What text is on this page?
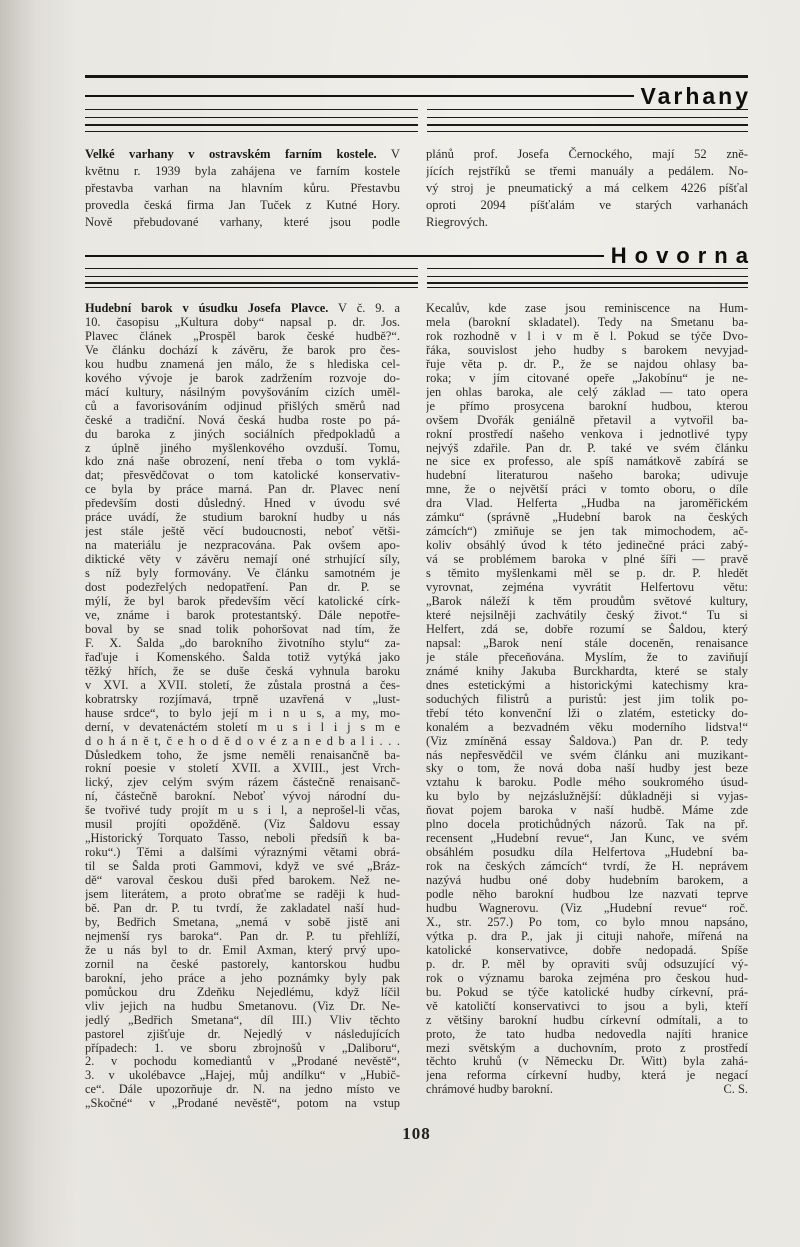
Varhany
Velké varhany v ostravském farním kostele. V
květnu r. 1939 byla zahájena ve farním kostele
přestavba varhan na hlavním kůru. Přestavbu
provedla česká firma Jan Tuček z Kutné Hory.
Nově přebudované varhany, které jsou podle
plánů prof. Josefa Černockého, mají 52 zně-
jících rejstříků se třemi manuály a pedálem. No-
vý stroj je pneumatický a má celkem 4226 píšťal
oproti 2094 píšťalám ve starých varhanách
Riegrových.
Hovorna
Hudební barok v úsudku Josefa Plavce. V č. 9. a
10. časopisu „Kultura doby“ napsal p. dr. Jos.
Plavec článek „Prospěl barok české hudbě?“.
Ve článku dochází k závěru, že barok pro čes-
kou hudbu znamená jen málo, že s hlediska cel-
kového vývoje je barok zadržením rozvoje do-
mácí kultury, násilným povyšováním cizích uměl-
ců a favorisováním odjinud přišlých směrů nad
české a tradiční. Nová česká hudba roste po pá-
du baroka z jiných sociálních předpokladů a
z úplně jiného myšlenkového ovzduší. Tomu,
kdo zná naše obrození, není třeba o tom vyklá-
dat; přesvědčovat o tom katolické konservativ-
ce byla by práce marná. Pan dr. Plavec není
především dosti důsledný. Hned v úvodu své
práce uvádí, že studium barokní hudby u nás
jest stále ještě věcí budoucnosti, neboť větši-
na materiálu je nezpracována. Pak ovšem apo-
diktické věty v závěru nemají oné strhující síly,
s níž byly formovány. Ve článku samotném je
dost podezřelých nedopatření. Pan dr. P. se
mýlí, že byl barok především věcí katolické círk-
ve, známe i barok protestantský. Dále nepotře-
boval by se snad tolik pohoršovat nad tím, že
F. X. Šalda „do barokního životního stylu“ za-
řaďuje i Komenského. Šalda totiž vytýká jako
těžký hřích, že se duše česká vyhnula baroku
v XVI. a XVII. století, že zůstala prostná a čes-
kobratrsky rozjímavá, trpně uzavřená v „lust-
hause srdce“, to bylo její m i n u s, a my, mo-
derní, v devatenáctém století m u s i l i j s m e
d o h á n ě t, č e h o d ě d o v é z a n e d b a l i . . .
Důsledkem toho, že jsme neměli renaisančně ba-
rokní poesie v století XVII. a XVIII., jest Vrch-
lický, zjev celým svým rázem částečně renaisanč-
ní, částečně barokní. Neboť vývoj národní du-
še tvořivé tudy projít m u s i l, a neprošel-li včas,
musil projíti opožděně. (Viz Šaldovu essay
„Historický Torquato Tasso, neboli předsíň k ba-
roku“.) Těmi a dalšími výraznými větami obrá-
til se Šalda proti Gammovi, když ve své „Bráz-
dě“ varoval českou duši před barokem. Než ne-
jsem literátem, a proto obraťme se raději k hud-
bě. Pan dr. P. tu tvrdí, že zakladatel naší hud-
by, Bedřich Smetana, „nemá v sobě jistě ani
nejmenší rys baroka“. Pan dr. P. tu přehlíží,
že u nás byl to dr. Emil Axman, který prvý upo-
zornil na české pastorely, kantorskou hudbu
barokní, jeho práce a jeho poznámky byly pak
pomůckou dru Zdeňku Nejedlému, když líčil
vliv jejich na hudbu Smetanovu. (Viz Dr. Ne-
jedlý „Bedřich Smetana“, díl III.) Vliv těchto
pastorel zjišťuje dr. Nejedlý v následujících
případech: 1. ve sboru zbrojnošů v „Daliboru“,
2. v pochodu komediantů v „Prodané nevěstě“,
3. v ukolébavce „Hajej, můj andílku“ v „Hubič-
ce“. Dále upozorňuje dr. N. na jedno místo ve
„Skočné“ v „Prodané nevěstě“, potom na vstup
Kecalův, kde zase jsou reminiscence na Hum-
mela (barokní skladatel). Tedy na Smetanu ba-
rok rozhodně v l i v m ě l. Pokud se týče Dvo-
řáka, souvislost jeho hudby s barokem nevyjad-
řuje věta p. dr. P., že se najdou ohlasy ba-
roka; v jím citované opeře „Jakobínu“ je ne-
jen ohlas baroka, ale celý základ — tato opera
je přímo prosycena barokní hudbou, kterou
ovšem Dvořák geniálně přetavil a vytvořil ba-
rokní prostředí našeho venkova i jednotlivé typy
nejvýš zdařile. Pan dr. P. také ve svém článku
ne sice ex professo, ale spíš namátkově zabírá se
hudební literaturou našeho baroka; udivuje
mne, že o největší práci v tomto oboru, o díle
dra Vlad. Helferta „Hudba na jaroměřickém
zámku“ (správně „Hudební barok na českých
zámcích“) zmiňuje se jen tak mimochodem, ač-
koliv obsáhlý úvod k této jedinečné práci zabý-
vá se problémem baroka v plné šíři — pravě
s těmito myšlenkami měl se p. dr. P. hledět
vyrovnat, zejména vyvrátit Helfertovu větu:
„Barok náleží k těm proudům světové kultury,
které nejsilněji zachvátily český život.“ Tu si
Helfert, zdá se, dobře rozumí se Šaldou, který
napsal: „Barok není stále doceněn, renaisance
je stále přeceňována. Myslím, že to zaviňují
známé knihy Jakuba Burckhardta, které se staly
dnes estetickými a historickými katechismy kra-
soduchých filistrů a puristů: jest jim tolik po-
třebí této konvenční lži o zlatém, esteticky do-
konalém a bezvadném věku moderního lidstva!“
(Viz zmíněná essay Šaldova.) Pan dr. P. tedy
nás nepřesvědčil ve svém článku ani muzikant-
sky o tom, že nová doba naší hudby jest beze
vztahu k baroku. Podle mého soukromého úsud-
ku bylo by nejzáslužnější: důkladněji si vyjas-
ňovat pojem baroka v naší hudbě. Máme zde
plno docela protichůdných názorů. Tak na př.
recensent „Hudební revue“, Jan Kunc, ve svém
obsáhlém posudku díla Helfertova „Hudební ba-
rok na českých zámcích“ tvrdí, že H. neprávem
nazývá hudbu oné doby hudebním barokem, a
podle něho barokní hudbou lze nazvati teprve
hudbu Wagnerovu. (Viz „Hudební revue“ roč.
X., str. 257.) Po tom, co bylo mnou napsáno,
výtka p. dra P., jak ji cituji nahoře, mířená na
katolické konservativce, dobře nedopadá. Spíše
p. dr. P. měl by opraviti svůj odsuzující vý-
rok o významu baroka zejména pro českou hud-
bu. Pokud se týče katolické hudby církevní, prá-
vě katoličtí konservativci to jsou a byli, kteří
z většiny barokní hudbu církevní odmítali, a to
proto, že tato hudba nedovedla najíti hranice
mezi světským a duchovním, proto z prostředí
těchto kruhů (v Německu Dr. Witt) byla zahá-
jena reforma církevní hudby, která je negací
chrámové hudby barokní.	C. S.
108
